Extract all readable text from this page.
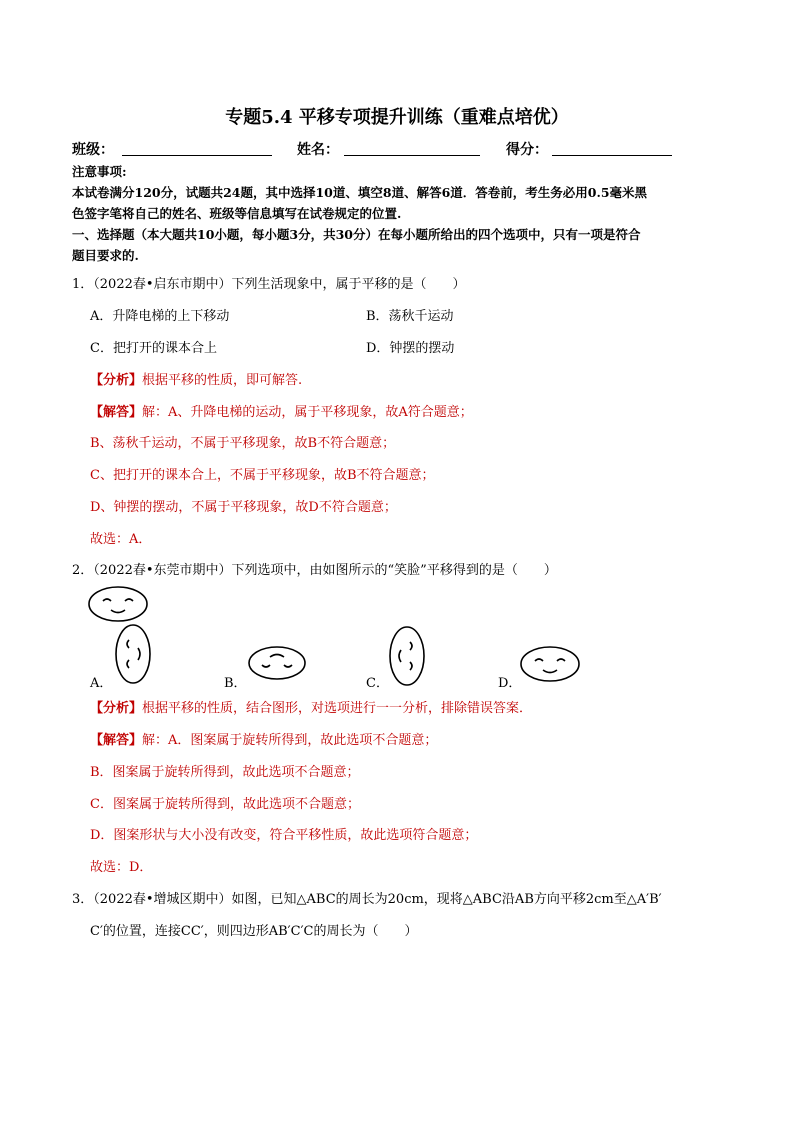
专题5.4 平移专项提升训练（重难点培优）
班级：	姓名：	得分：
注意事项:
本试卷满分120分，试题共24题，其中选择10道、填空8道、解答6道．答卷前，考生务必用0.5毫米黑
色签字笔将自己的姓名、班级等信息填写在试卷规定的位置.
一、选择题（本大题共10小题，每小题3分，共30分）在每小题所给出的四个选项中，只有一项是符合
题目要求的.
1．（2022春•启东市期中）下列生活现象中，属于平移的是（　　）
A．升降电梯的上下移动	B．荡秋千运动
C．把打开的课本合上	D．钟摆的摆动
【分析】根据平移的性质，即可解答.
【解答】解：A、升降电梯的运动，属于平移现象，故A符合题意；
B、荡秋千运动，不属于平移现象，故B不符合题意；
C、把打开的课本合上，不属于平移现象，故B不符合题意；
D、钟摆的摆动，不属于平移现象，故D不符合题意；
故选：A．
2．（2022春•东莞市期中）下列选项中，由如图所示的“笑脸”平移得到的是（　　）
A．	B．	C．	D．
【分析】根据平移的性质，结合图形，对选项进行一一分析，排除错误答案．
【解答】解：A．图案属于旋转所得到，故此选项不合题意；
B．图案属于旋转所得到，故此选项不合题意；
C．图案属于旋转所得到，故此选项不合题意；
D．图案形状与大小没有改变，符合平移性质，故此选项符合题意；
故选：D．
3．（2022春•增城区期中）如图，已知△ABC的周长为20cm，现将△ABC沿AB方向平移2cm至△A′B′
C′的位置，连接CC′，则四边形AB′C′C的周长为（　　）
